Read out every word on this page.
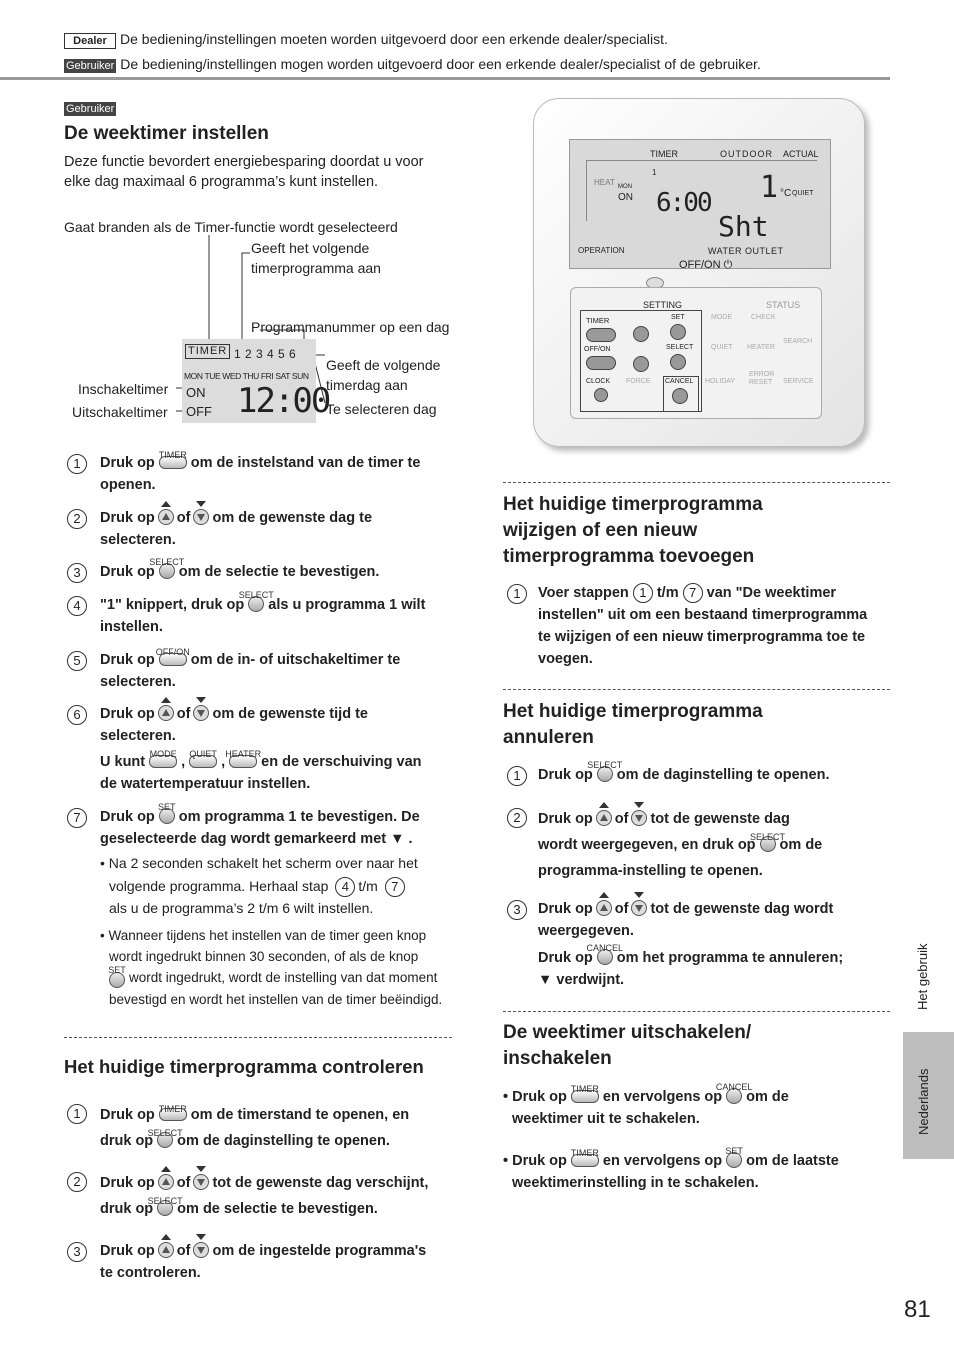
Dealer De bediening/instellingen moeten worden uitgevoerd door een erkende dealer/specialist.
Gebruiker De bediening/instellingen mogen worden uitgevoerd door een erkende dealer/specialist of de gebruiker.
Gebruiker
De weektimer instellen
Deze functie bevordert energiebesparing doordat u voor elke dag maximaal 6 programma’s kunt instellen.
Gaat branden als de Timer-functie wordt geselecteerd
Geeft het volgende timerprogramma aan
Programmanummer op een dag
Geeft de volgende timerdag aan
Te selecteren dag
Inschakeltimer
Uitschakeltimer
TIMER 1 2 3 4 5 6
MON TUE WED THU FRI SAT SUN
ON
OFF 12:00
1	Druk op
TIMER
om de instelstand van de timer te
openen.
2	Druk op of om de gewenste dag te
selecteren.
3	Druk op
SELECT
om de selectie te bevestigen.
4	"1" knippert, druk op
SELECT
als u programma 1 wilt
instellen.
5	Druk op
OFF/ON
om de in- of uitschakeltimer te
selecteren.
6	Druk op of om de gewenste tijd te
selecteren.
U kunt
MODE
,
QUIET
,
HEATER
en de verschuiving van
de watertemperatuur instellen.
7	Druk op
SET
om programma 1 te bevestigen. De
geselecteerde dag wordt gemarkeerd met ▼ .
• Na 2 seconden schakelt het scherm over naar het
volgende programma. Herhaal stap 4 t/m 7
als u de programma’s 2 t/m 6 wilt instellen.
• Wanneer tijdens het instellen van de timer geen knop
wordt ingedrukt binnen 30 seconden, of als de knop

SET wordt ingedrukt, wordt de instelling van dat moment
bevestigd en wordt het instellen van de timer beëindigd.
Het huidige timerprogramma controleren
1	Druk op TIMER om de timerstand te openen, en
druk op
SELECT
om de daginstelling te openen.
2	Druk op of tot de gewenste dag verschijnt,
druk op
SELECT
om de selectie te bevestigen.
3	Druk op of om de ingestelde programma's
te controleren.
TIMER	OUTDOOR ACTUAL
HEAT MON
ON
1
6:00 1 °C QUIET
Sht
OPERATION	WATER OUTLET
OFF/ON ⏻
SETTING	STATUS
TIMER	SET
OFF/ON	SELECT
CLOCK FORCE CANCEL
MODE	CHECK
QUIET HEATER
SEARCH
HOLIDAY
ERROR
RESET SERVICE
Het huidige timerprogramma
wijzigen of een nieuw
timerprogramma toevoegen
1	Voer stappen 1 t/m 7 van "De weektimer
instellen" uit om een bestaand timerprogramma
te wijzigen of een nieuw timerprogramma toe te
voegen.
Het huidige timerprogramma
annuleren
1	Druk op
SELECT
om de daginstelling te openen.
2	Druk op of tot de gewenste dag
wordt weergegeven, en druk op
SELECT
om de
programma-instelling te openen.
3	Druk op of tot de gewenste dag wordt
weergegeven.
Druk op
CANCEL
om het programma te annuleren;
▼ verdwijnt.
De weektimer uitschakelen/
inschakelen
• Druk op
TIMER
en vervolgens op
CANCEL
om de
weektimer uit te schakelen.
• Druk op
TIMER
en vervolgens op
SET
om de laatste
weektimerinstelling in te schakelen.
Het gebruik
Nederlands
81
